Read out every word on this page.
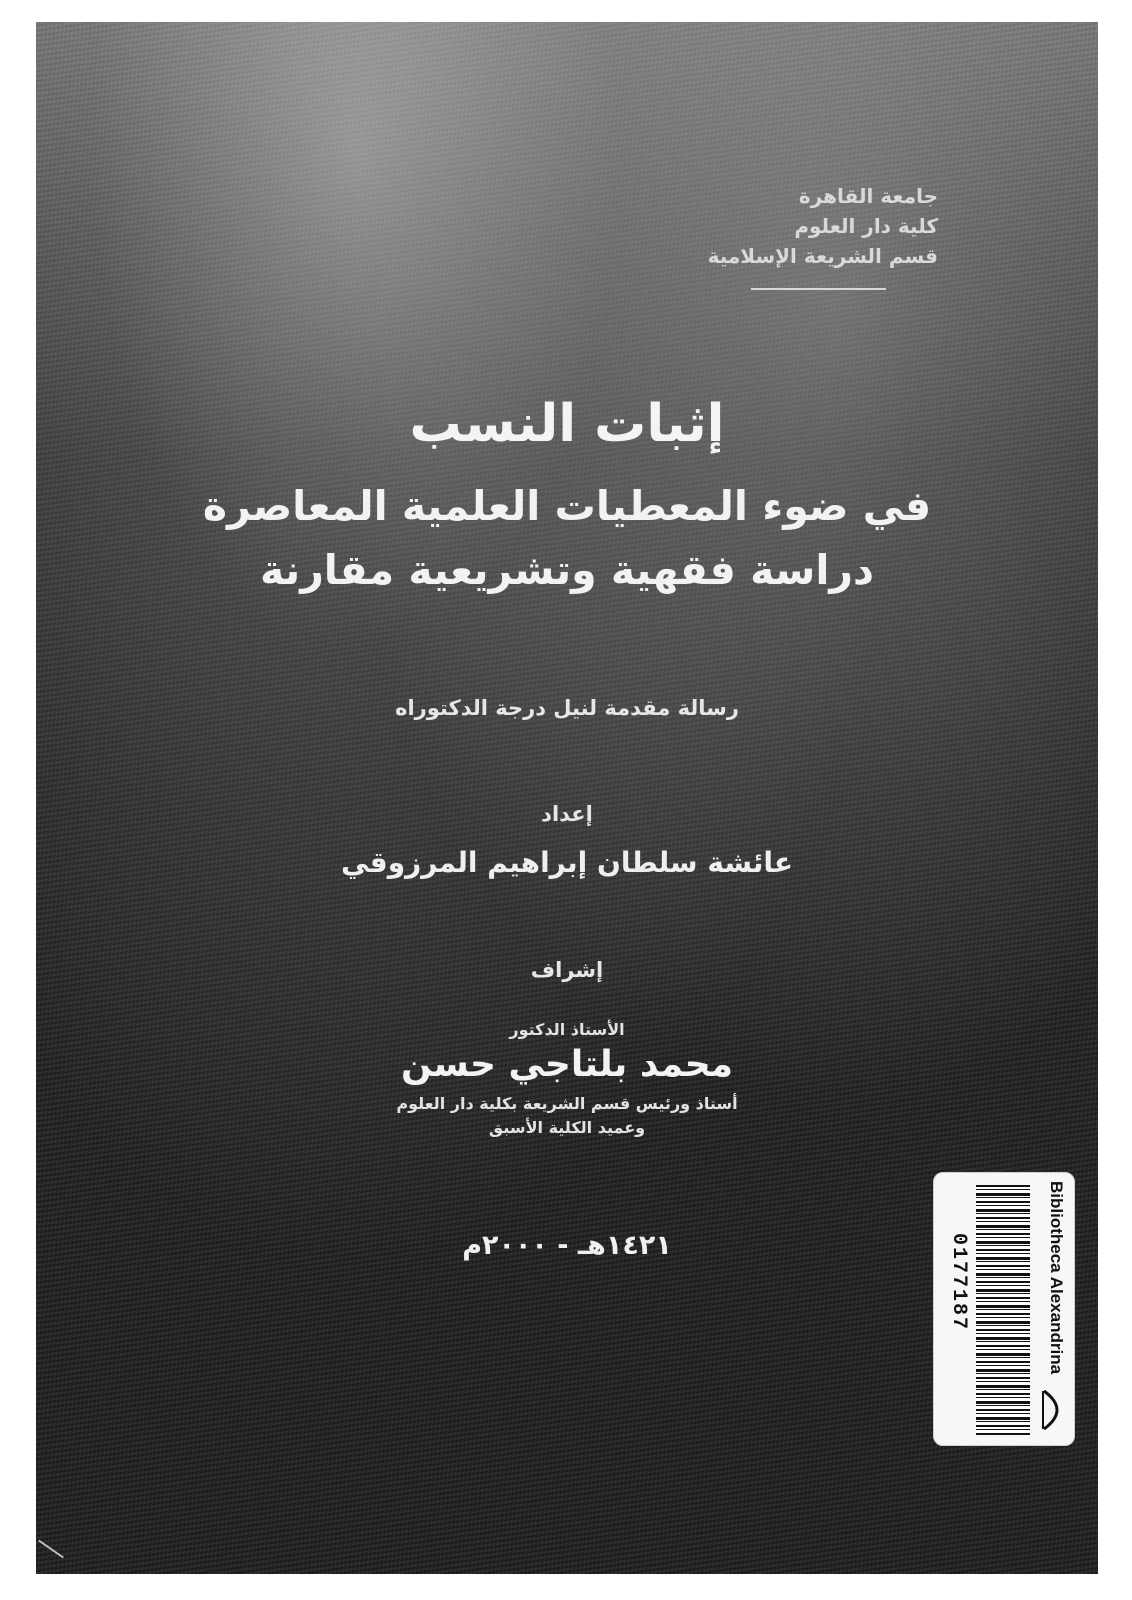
جامعة القاهرة
كلية دار العلوم
قسم الشريعة الإسلامية
إثبات النسب
في ضوء المعطيات العلمية المعاصرة
دراسة فقهية وتشريعية مقارنة
رسالة مقدمة لنيل درجة الدكتوراه
إعداد
عائشة سلطان إبراهيم المرزوقي
إشراف
الأستاذ الدكتور
محمد بلتاجي حسن
أستاذ ورئيس قسم الشريعة بكلية دار العلوم
وعميد الكلية الأسبق
١٤٢١هـ - ٢٠٠٠م	Bibliotheca Alexandrina
0177187
